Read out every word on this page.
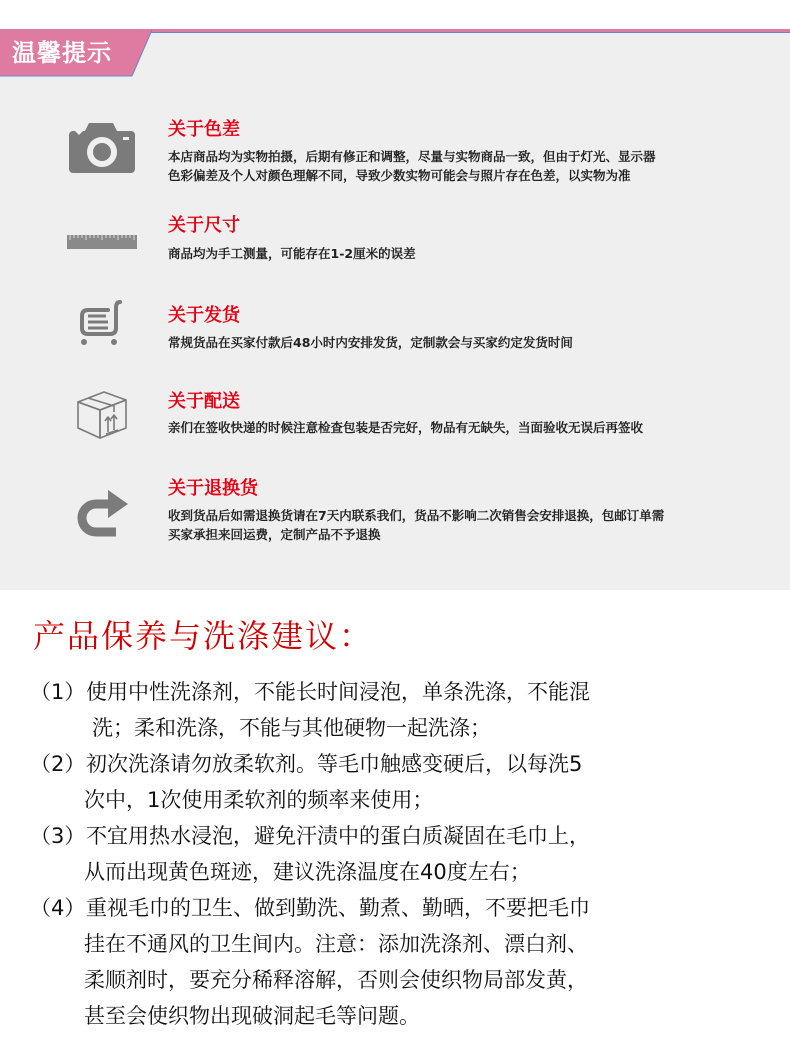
温馨提示
关于色差
本店商品均为实物拍摄，后期有修正和调整，尽量与实物商品一致，但由于灯光、显示器
色彩偏差及个人对颜色理解不同，导致少数实物可能会与照片存在色差，以实物为准
关于尺寸
商品均为手工测量，可能存在1-2厘米的误差
关于发货
常规货品在买家付款后48小时内安排发货，定制款会与买家约定发货时间
关于配送
亲们在签收快递的时候注意检查包装是否完好，物品有无缺失，当面验收无误后再签收
关于退换货
收到货品后如需退换货请在7天内联系我们，货品不影响二次销售会安排退换，包邮订单需
买家承担来回运费，定制产品不予退换
产品保养与洗涤建议：
（1） 使用中性洗涤剂，不能长时间浸泡，单条洗涤，不能混
洗；柔和洗涤，不能与其他硬物一起洗涤；
（2） 初次洗涤请勿放柔软剂。等毛巾触感变硬后，以每洗5
次中，1次使用柔软剂的频率来使用；
（3） 不宜用热水浸泡，避免汗渍中的蛋白质凝固在毛巾上，
从而出现黄色斑迹，建议洗涤温度在40度左右；
（4） 重视毛巾的卫生、做到勤洗、勤煮、勤晒，不要把毛巾
挂在不通风的卫生间内。注意：添加洗涤剂、漂白剂、
柔顺剂时，要充分稀释溶解，否则会使织物局部发黄，
甚至会使织物出现破洞起毛等问题。
